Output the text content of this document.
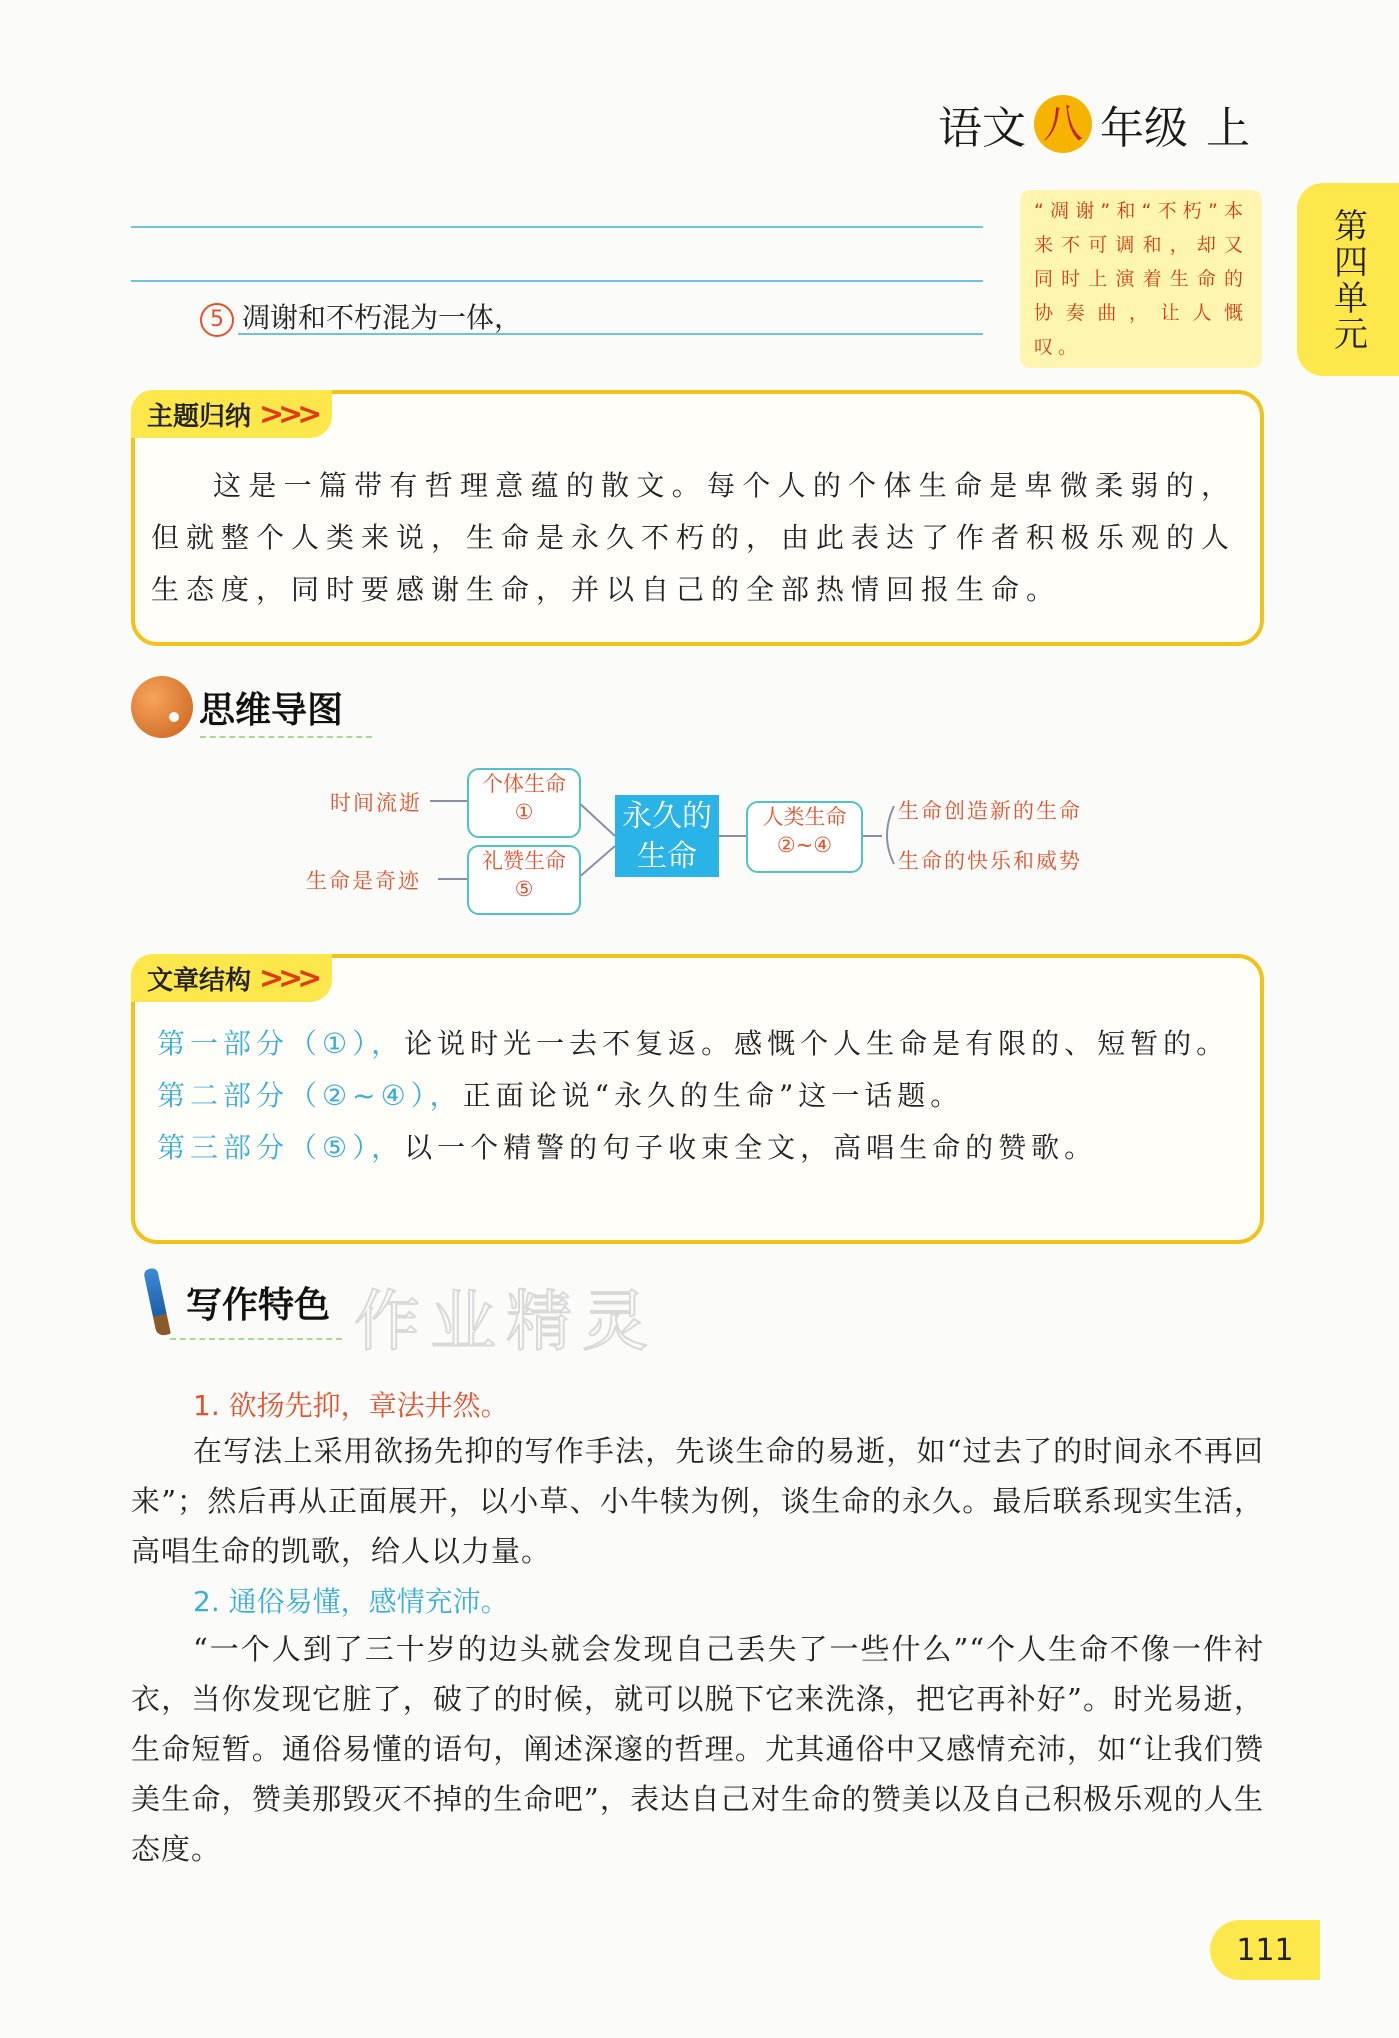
语文 八 年级 上
第四单元
5 凋谢和不朽混为一体，
“凋谢”和“不朽”本来不可调和，却又同时上演着生命的协奏曲，让人慨叹。
主题归纳 >>>
这是一篇带有哲理意蕴的散文。每个人的个体生命是卑微柔弱的，但就整个人类来说，生命是永久不朽的，由此表达了作者积极乐观的人生态度，同时要感谢生命，并以自己的全部热情回报生命。
思维导图
个体生命
①
礼赞生命
⑤
永久的
生命
人类生命
②~④
时间流逝
生命是奇迹
生命创造新的生命
生命的快乐和威势
文章结构 >>>
第一部分（①），论说时光一去不复返。感慨个人生命是有限的、短暂的。
第二部分（②~④），正面论说“永久的生命”这一话题。
第三部分（⑤），以一个精警的句子收束全文，高唱生命的赞歌。
写作特色 作业精灵
1. 欲扬先抑，章法井然。
在写法上采用欲扬先抑的写作手法，先谈生命的易逝，如“过去了的时间永不再回来”；然后再从正面展开，以小草、小牛犊为例，谈生命的永久。最后联系现实生活，高唱生命的凯歌，给人以力量。
2. 通俗易懂，感情充沛。
“一个人到了三十岁的边头就会发现自己丢失了一些什么”“个人生命不像一件衬衣，当你发现它脏了，破了的时候，就可以脱下它来洗涤，把它再补好”。时光易逝，生命短暂。通俗易懂的语句，阐述深邃的哲理。尤其通俗中又感情充沛，如“让我们赞美生命，赞美那毁灭不掉的生命吧”，表达自己对生命的赞美以及自己积极乐观的人生态度。
111
